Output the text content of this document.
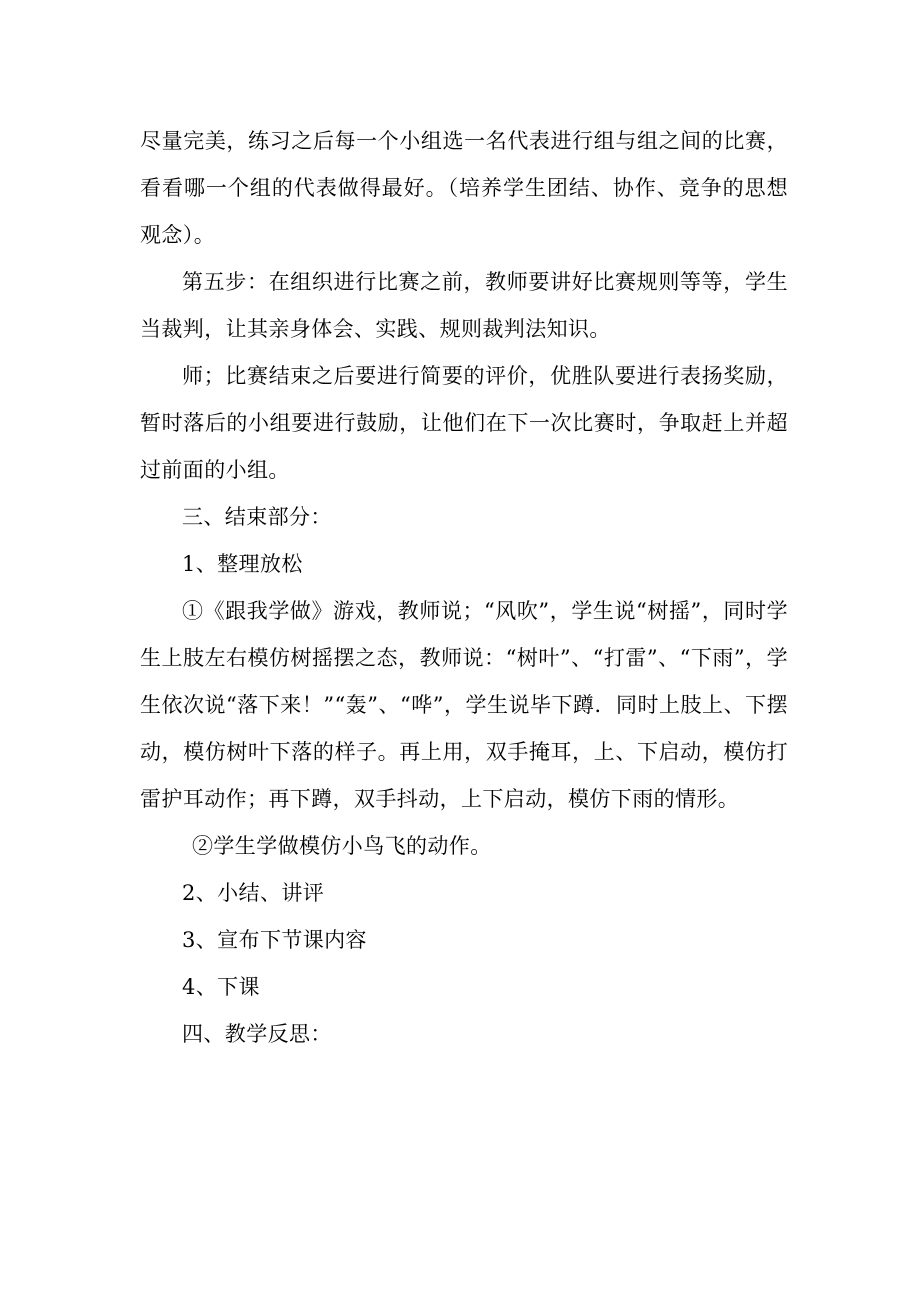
尽量完美，练习之后每一个小组选一名代表进行组与组之间的比赛，看看哪一个组的代表做得最好。（培养学生团结、协作、竞争的思想观念）。

第五步：在组织进行比赛之前，教师要讲好比赛规则等等，学生当裁判，让其亲身体会、实践、规则裁判法知识。

师；比赛结束之后要进行简要的评价，优胜队要进行表扬奖励，暂时落后的小组要进行鼓励，让他们在下一次比赛时，争取赶上并超过前面的小组。

三、结束部分：

1、整理放松

①《跟我学做》游戏，教师说；“风吹”，学生说“树摇”，同时学生上肢左右模仿树摇摆之态，教师说：“树叶”、“打雷”、“下雨”，学生依次说“落下来！”“轰”、“哗”，学生说毕下蹲．同时上肢上、下摆动，模仿树叶下落的样子。再上用，双手掩耳，上、下启动，模仿打雷护耳动作；再下蹲，双手抖动，上下启动，模仿下雨的情形。

②学生学做模仿小鸟飞的动作。

2、小结、讲评

3、宣布下节课内容

4、下课

四、教学反思：
